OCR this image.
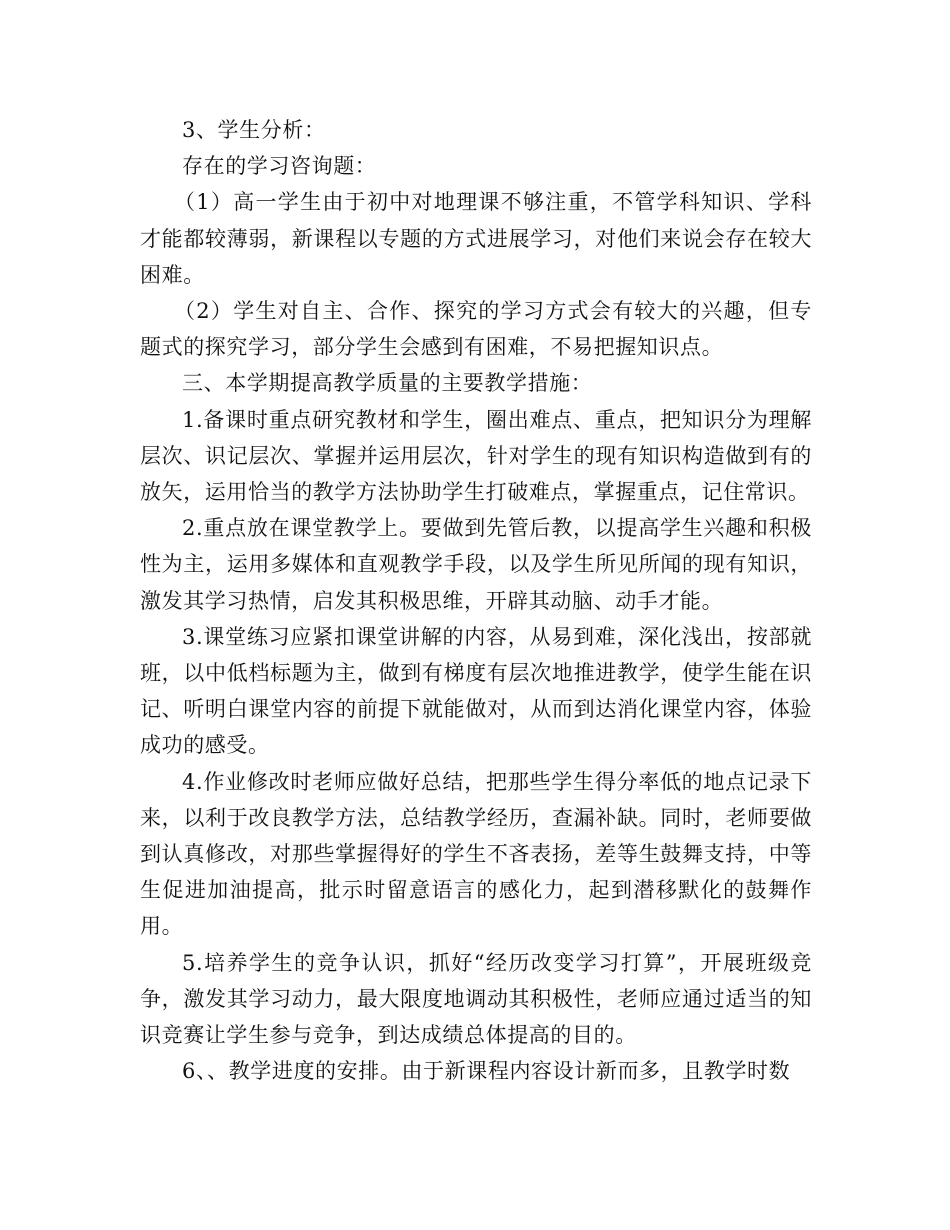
3、学生分析：

存在的学习咨询题：

（1）高一学生由于初中对地理课不够注重，不管学科知识、学科才能都较薄弱，新课程以专题的方式进展学习，对他们来说会存在较大困难。

（2）学生对自主、合作、探究的学习方式会有较大的兴趣，但专题式的探究学习，部分学生会感到有困难，不易把握知识点。

三、本学期提高教学质量的主要教学措施：

1.备课时重点研究教材和学生，圈出难点、重点，把知识分为理解层次、识记层次、掌握并运用层次，针对学生的现有知识构造做到有的放矢，运用恰当的教学方法协助学生打破难点，掌握重点，记住常识。

2.重点放在课堂教学上。要做到先管后教，以提高学生兴趣和积极性为主，运用多媒体和直观教学手段，以及学生所见所闻的现有知识，激发其学习热情，启发其积极思维，开辟其动脑、动手才能。

3.课堂练习应紧扣课堂讲解的内容，从易到难，深化浅出，按部就班，以中低档标题为主，做到有梯度有层次地推进教学，使学生能在识记、听明白课堂内容的前提下就能做对，从而到达消化课堂内容，体验成功的感受。

4.作业修改时老师应做好总结，把那些学生得分率低的地点记录下来，以利于改良教学方法，总结教学经历，查漏补缺。同时，老师要做到认真修改，对那些掌握得好的学生不吝表扬，差等生鼓舞支持，中等生促进加油提高，批示时留意语言的感化力，起到潜移默化的鼓舞作用。

5.培养学生的竞争认识，抓好“经历改变学习打算”，开展班级竞争，激发其学习动力，最大限度地调动其积极性，老师应通过适当的知识竞赛让学生参与竞争，到达成绩总体提高的目的。

6、、教学进度的安排。由于新课程内容设计新而多，且教学时数
